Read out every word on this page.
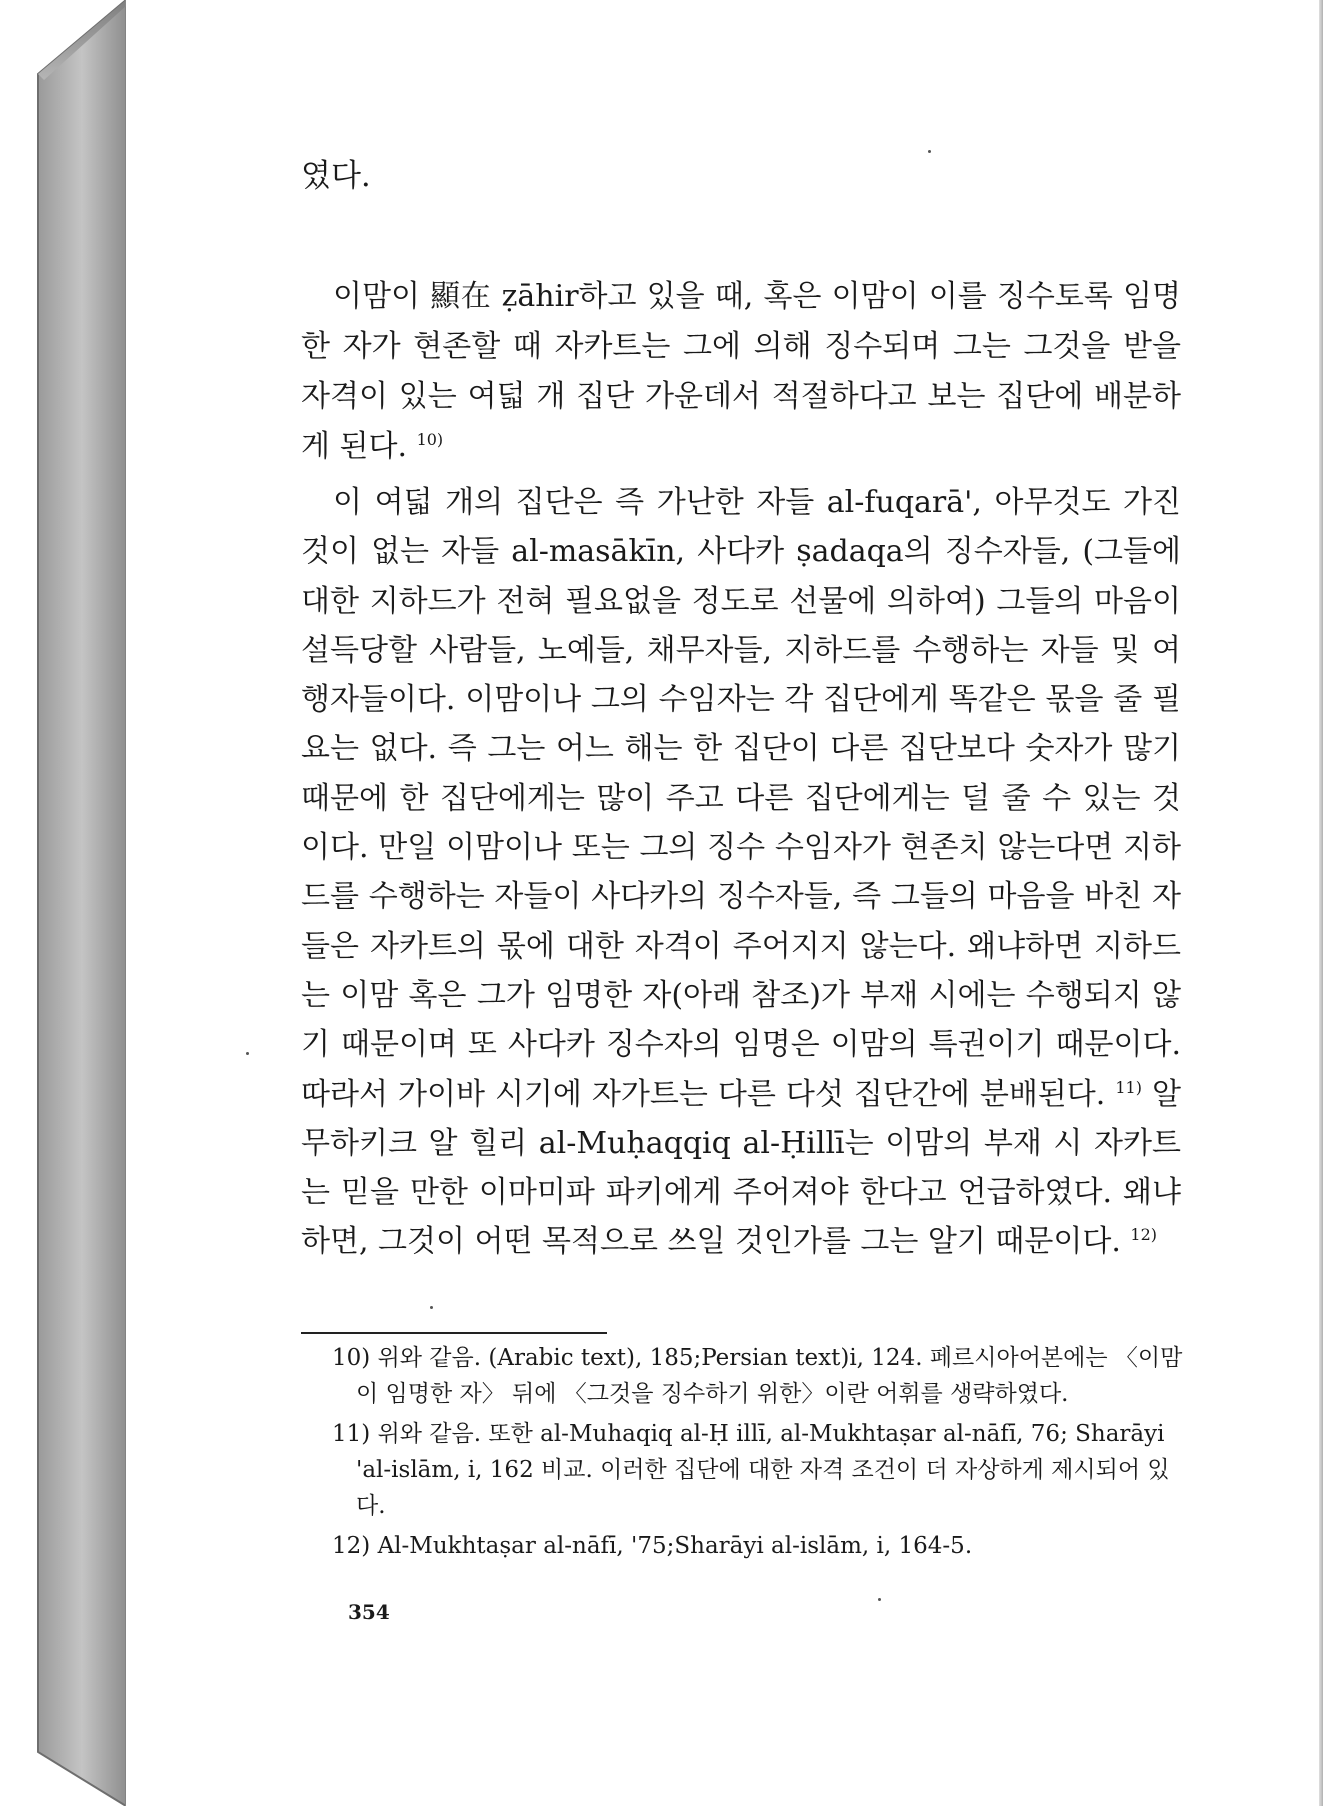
였다.

이맘이 顯在 ẓāhir하고 있을 때, 혹은 이맘이 이를 징수토록 임명한 자가 현존할 때 자카트는 그에 의해 징수되며 그는 그것을 받을 자격이 있는 여덟 개 집단 가운데서 적절하다고 보는 집단에 배분하게 된다. $^{10)}$

이 여덟 개의 집단은 즉 가난한 자들 al-fuqarā', 아무것도 가진 것이 없는 자들 al-masākīn, 사다카 ṣadaqa의 징수자들, (그들에 대한 지하드가 전혀 필요없을 정도로 선물에 의하여) 그들의 마음이 설득당할 사람들, 노예들, 채무자들, 지하드를 수행하는 자들 및 여행자들이다. 이맘이나 그의 수임자는 각 집단에게 똑같은 몫을 줄 필요는 없다. 즉 그는 어느 해는 한 집단이 다른 집단보다 숫자가 많기 때문에 한 집단에게는 많이 주고 다른 집단에게는 덜 줄 수 있는 것이다. 만일 이맘이나 또는 그의 징수 수임자가 현존치 않는다면 지하드를 수행하는 자들이 사다카의 징수자들, 즉 그들의 마음을 바친 자들은 자카트의 몫에 대한 자격이 주어지지 않는다. 왜냐하면 지하드는 이맘 혹은 그가 임명한 자(아래 참조)가 부재 시에는 수행되지 않기 때문이며 또 사다카 징수자의 임명은 이맘의 특권이기 때문이다. 따라서 가이바 시기에 자가트는 다른 다섯 집단간에 분배된다. $^{11)}$ 알 무하키크 알 힐리 al-Muḥaqqiq al-Ḥillī는 이맘의 부재 시 자카트는 믿을 만한 이마미파 파키에게 주어져야 한다고 언급하였다. 왜냐하면, 그것이 어떤 목적으로 쓰일 것인가를 그는 알기 때문이다. $^{12)}$

10) 위와 같음. (Arabic text), 185;Persian text)i, 124. 페르시아어본에는 〈이맘이 임명한 자〉 뒤에 〈그것을 징수하기 위한〉이란 어휘를 생략하였다.

11) 위와 같음. 또한 al-Muhaqiq al-Ḥ illī, al-Mukhtaṣar al-nāfī, 76; Sharāyi 'al-islām, i, 162 비교. 이러한 집단에 대한 자격 조건이 더 자상하게 제시되어 있다.

12) Al-Mukhtaṣar al-nāfī, '75;Sharāyi al-islām, i, 164-5.

354
